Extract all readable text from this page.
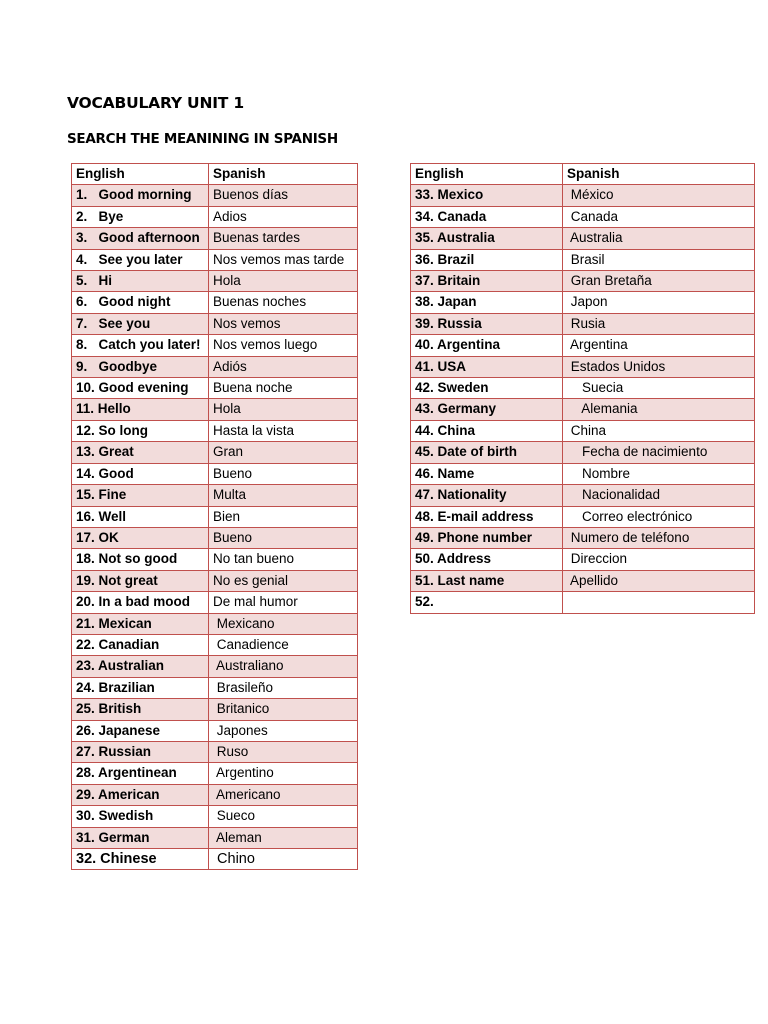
VOCABULARY UNIT 1
SEARCH THE MEANINING IN SPANISH
English	Spanish
1.   Good morning	Buenos días
2.   Bye	Adios
3.   Good afternoon	Buenas tardes
4.   See you later	Nos vemos mas tarde
5.   Hi	Hola
6.   Good night	Buenas noches
7.   See you	Nos vemos
8.   Catch you later!	Nos vemos luego
9.   Goodbye	Adiós
10. Good evening	Buena noche
11. Hello	Hola
12. So long	Hasta la vista
13. Great	Gran
14. Good	Bueno
15. Fine	Multa
16. Well	Bien
17. OK	Bueno
18. Not so good	No tan bueno
19. Not great	No es genial
20. In a bad mood	De mal humor
21. Mexican	Mexicano
22. Canadian	Canadience
23. Australian	Australiano
24. Brazilian	Brasileño
25. British	Britanico
26. Japanese	Japones
27. Russian	Ruso
28. Argentinean	Argentino
29. American	Americano
30. Swedish	Sueco
31. German	Aleman
32. Chinese	Chino
English	Spanish
33. Mexico	México
34. Canada	Canada
35. Australia	Australia
36. Brazil	Brasil
37. Britain	Gran Bretaña
38. Japan	Japon
39. Russia	Rusia
40. Argentina	Argentina
41. USA	Estados Unidos
42. Sweden	Suecia
43. Germany	Alemania
44. China	China
45. Date of birth	Fecha de nacimiento
46. Name	Nombre
47. Nationality	Nacionalidad
48. E-mail address	Correo electrónico
49. Phone number	Numero de teléfono
50. Address	Direccion
51. Last name	Apellido
52.	
